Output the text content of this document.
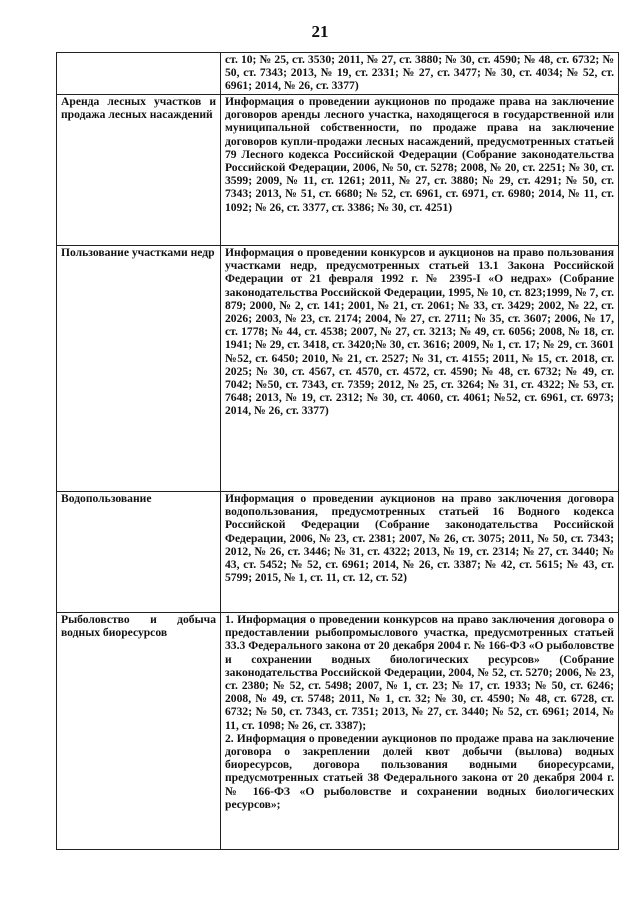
21
	ст. 10; № 25, ст. 3530; 2011, № 27, ст. 3880; № 30, ст. 4590; № 48, ст. 6732; № 50, ст. 7343; 2013, № 19, ст. 2331; № 27, ст. 3477; № 30, ст. 4034; № 52, ст. 6961; 2014, № 26, ст. 3377)
Аренда лесных участков и продажа лесных насаждений	Информация о проведении аукционов по продаже права на заключение договоров аренды лесного участка, находящегося в государственной или муниципальной собственности, по продаже права на заключение договоров купли-продажи лесных насаждений, предусмотренных статьей 79 Лесного кодекса Российской Федерации (Собрание законодательства Российской Федерации, 2006, № 50, ст. 5278; 2008, № 20, ст. 2251; № 30, ст. 3599; 2009, № 11, ст. 1261; 2011, № 27, ст. 3880; № 29, ст. 4291; № 50, ст. 7343; 2013, № 51, ст. 6680; № 52, ст. 6961, ст. 6971, ст. 6980; 2014, № 11, ст. 1092; № 26, ст. 3377, ст. 3386; № 30, ст. 4251)
Пользование участками недр	Информация о проведении конкурсов и аукционов на право пользования участками недр, предусмотренных статьей 13.1 Закона Российской Федерации от 21 февраля 1992 г. № 2395-I «О недрах» (Собрание законодательства Российской Федерации, 1995, № 10, ст. 823;1999, № 7, ст. 879; 2000, № 2, ст. 141; 2001, № 21, ст. 2061; № 33, ст. 3429; 2002, № 22, ст. 2026; 2003, № 23, ст. 2174; 2004, № 27, ст. 2711; № 35, ст. 3607; 2006, № 17, ст. 1778; № 44, ст. 4538; 2007, № 27, ст. 3213; № 49, ст. 6056; 2008, № 18, ст. 1941; № 29, ст. 3418, ст. 3420;№ 30, ст. 3616; 2009, № 1, ст. 17; № 29, ст. 3601 №52, ст. 6450; 2010, № 21, ст. 2527; № 31, ст. 4155; 2011, № 15, ст. 2018, ст. 2025; № 30, ст. 4567, ст. 4570, ст. 4572, ст. 4590; № 48, ст. 6732; № 49, ст. 7042; №50, ст. 7343, ст. 7359; 2012, № 25, ст. 3264; № 31, ст. 4322; № 53, ст. 7648; 2013, № 19, ст. 2312; № 30, ст. 4060, ст. 4061; №52, ст. 6961, ст. 6973; 2014, № 26, ст. 3377)
Водопользование	Информация о проведении аукционов на право заключения договора водопользования, предусмотренных статьей 16 Водного кодекса Российской Федерации (Собрание законодательства Российской Федерации, 2006, № 23, ст. 2381; 2007, № 26, ст. 3075; 2011, № 50, ст. 7343; 2012, № 26, ст. 3446; № 31, ст. 4322; 2013, № 19, ст. 2314; № 27, ст. 3440; № 43, ст. 5452; № 52, ст. 6961; 2014, № 26, ст. 3387; № 42, ст. 5615; № 43, ст. 5799; 2015, № 1, ст. 11, ст. 12, ст. 52)
Рыболовство и добыча водных биоресурсов	1. Информация о проведении конкурсов на право заключения договора о предоставлении рыбопромыслового участка, предусмотренных статьей 33.3 Федерального закона от 20 декабря 2004 г. № 166-ФЗ «О рыболовстве и сохранении водных биологических ресурсов» (Собрание законодательства Российской Федерации, 2004, № 52, ст. 5270; 2006, № 23, ст. 2380; № 52, ст. 5498; 2007, № 1, ст. 23; № 17, ст. 1933; № 50, ст. 6246; 2008, № 49, ст. 5748; 2011, № 1, ст. 32; № 30, ст. 4590; № 48, ст. 6728, ст. 6732; № 50, ст. 7343, ст. 7351; 2013, № 27, ст. 3440; № 52, ст. 6961; 2014, № 11, ст. 1098; № 26, ст. 3387);
2. Информация о проведении аукционов по продаже права на заключение договора о закреплении долей квот добычи (вылова) водных биоресурсов, договора пользования водными биоресурсами, предусмотренных статьей 38 Федерального закона от 20 декабря 2004 г. № 166-ФЗ «О рыболовстве и сохранении водных биологических ресурсов»;
